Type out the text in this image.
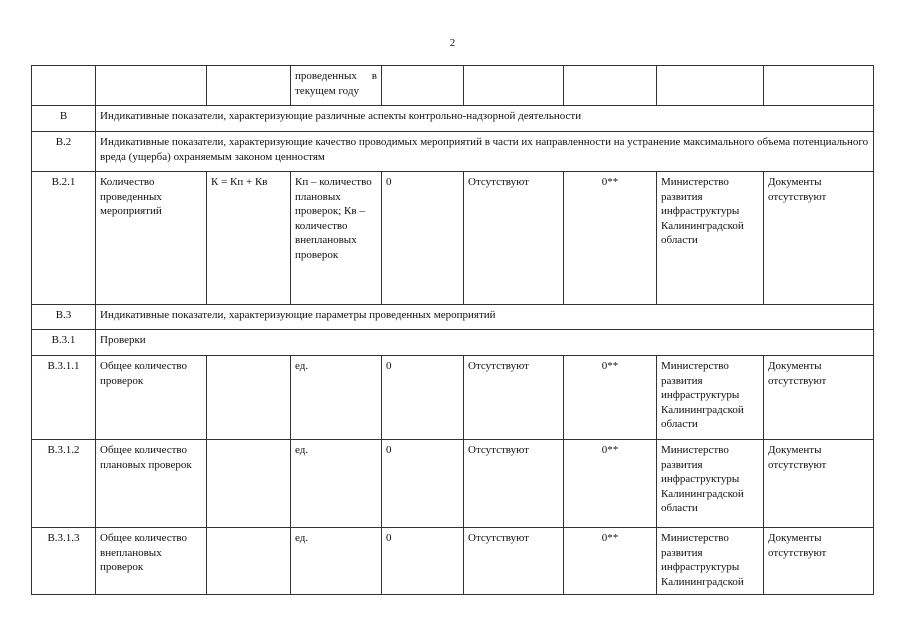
2
			проведенных в текущем году					
В	Индикативные показатели, характеризующие различные аспекты контрольно-надзорной деятельности							
В.2	Индикативные показатели, характеризующие качество проводимых мероприятий в части их направленности на устранение максимального объема потенциального вреда (ущерба) охраняемым законом ценностям							
В.2.1	Количество проведенных мероприятий	К = Кп + Кв	Кп – количество плановых проверок; Кв – количество внеплановых проверок	0	Отсутствуют	0**	Министерство развития инфраструктуры Калининградской области	Документы отсутствуют
В.3	Индикативные показатели, характеризующие параметры проведенных мероприятий							
В.3.1	Проверки							
В.3.1.1	Общее количество проверок		ед.	0	Отсутствуют	0**	Министерство развития инфраструктуры Калининградской области	Документы отсутствуют
В.3.1.2	Общее количество плановых проверок		ед.	0	Отсутствуют	0**	Министерство развития инфраструктуры Калининградской области	Документы отсутствуют
В.3.1.3	Общее количество внеплановых проверок		ед.	0	Отсутствуют	0**	Министерство развития инфраструктуры Калининградской	Документы отсутствуют
